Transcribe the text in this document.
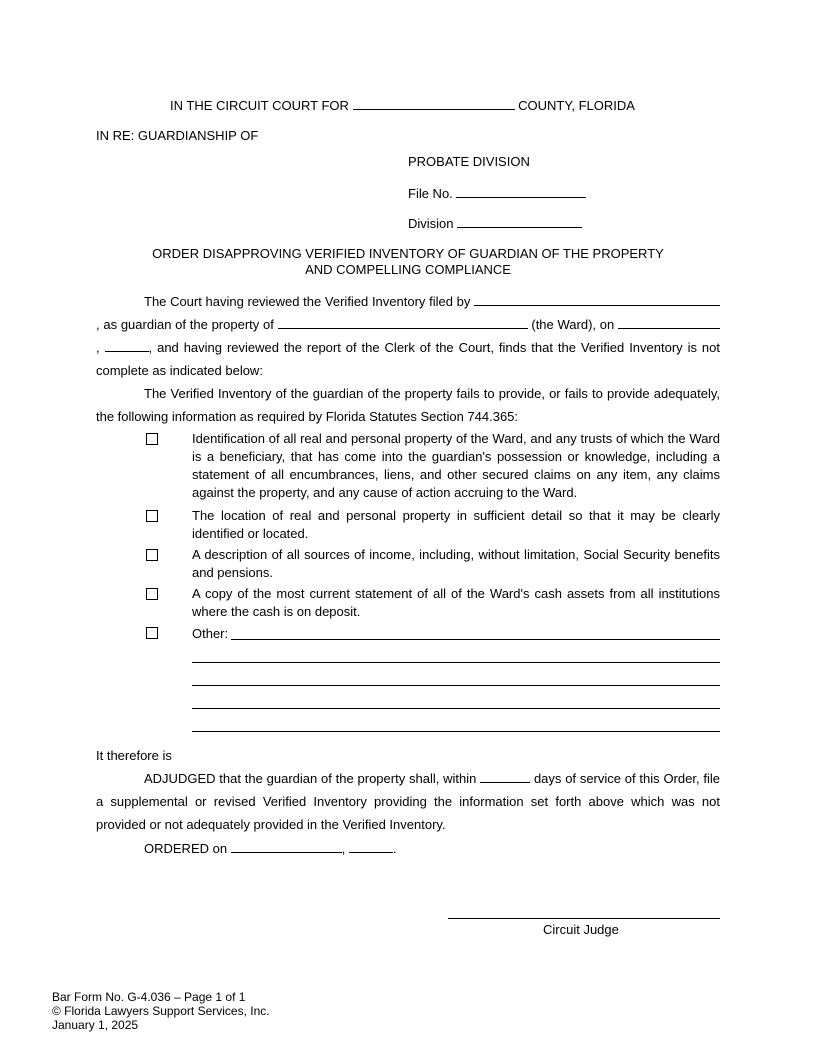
IN THE CIRCUIT COURT FOR	COUNTY, FLORIDA
IN RE: GUARDIANSHIP OF
PROBATE DIVISION
File No.
Division
ORDER DISAPPROVING VERIFIED INVENTORY OF GUARDIAN OF THE PROPERTY
AND COMPELLING COMPLIANCE
The Court having reviewed the Verified Inventory filed by , as guardian of the property of	(the Ward), on ,	, and having reviewed the report of the Clerk of the Court, finds that the Verified Inventory is not complete as indicated below:
The Verified Inventory of the guardian of the property fails to provide, or fails to provide adequately, the following information as required by Florida Statutes Section 744.365:
Identification of all real and personal property of the Ward, and any trusts of which the Ward is a beneficiary, that has come into the guardian's possession or knowledge, including a statement of all encumbrances, liens, and other secured claims on any item, any claims against the property, and any cause of action accruing to the Ward.
The location of real and personal property in sufficient detail so that it may be clearly identified or located.
A description of all sources of income, including, without limitation, Social Security benefits and pensions.
A copy of the most current statement of all of the Ward's cash assets from all institutions where the cash is on deposit.
Other:
It therefore is
ADJUDGED that the guardian of the property shall, within	days of service of this Order, file a supplemental or revised Verified Inventory providing the information set forth above which was not provided or not adequately provided in the Verified Inventory.
ORDERED on	,	.
Circuit Judge
Bar Form No. G-4.036 – Page 1 of 1
© Florida Lawyers Support Services, Inc.
January 1, 2025
